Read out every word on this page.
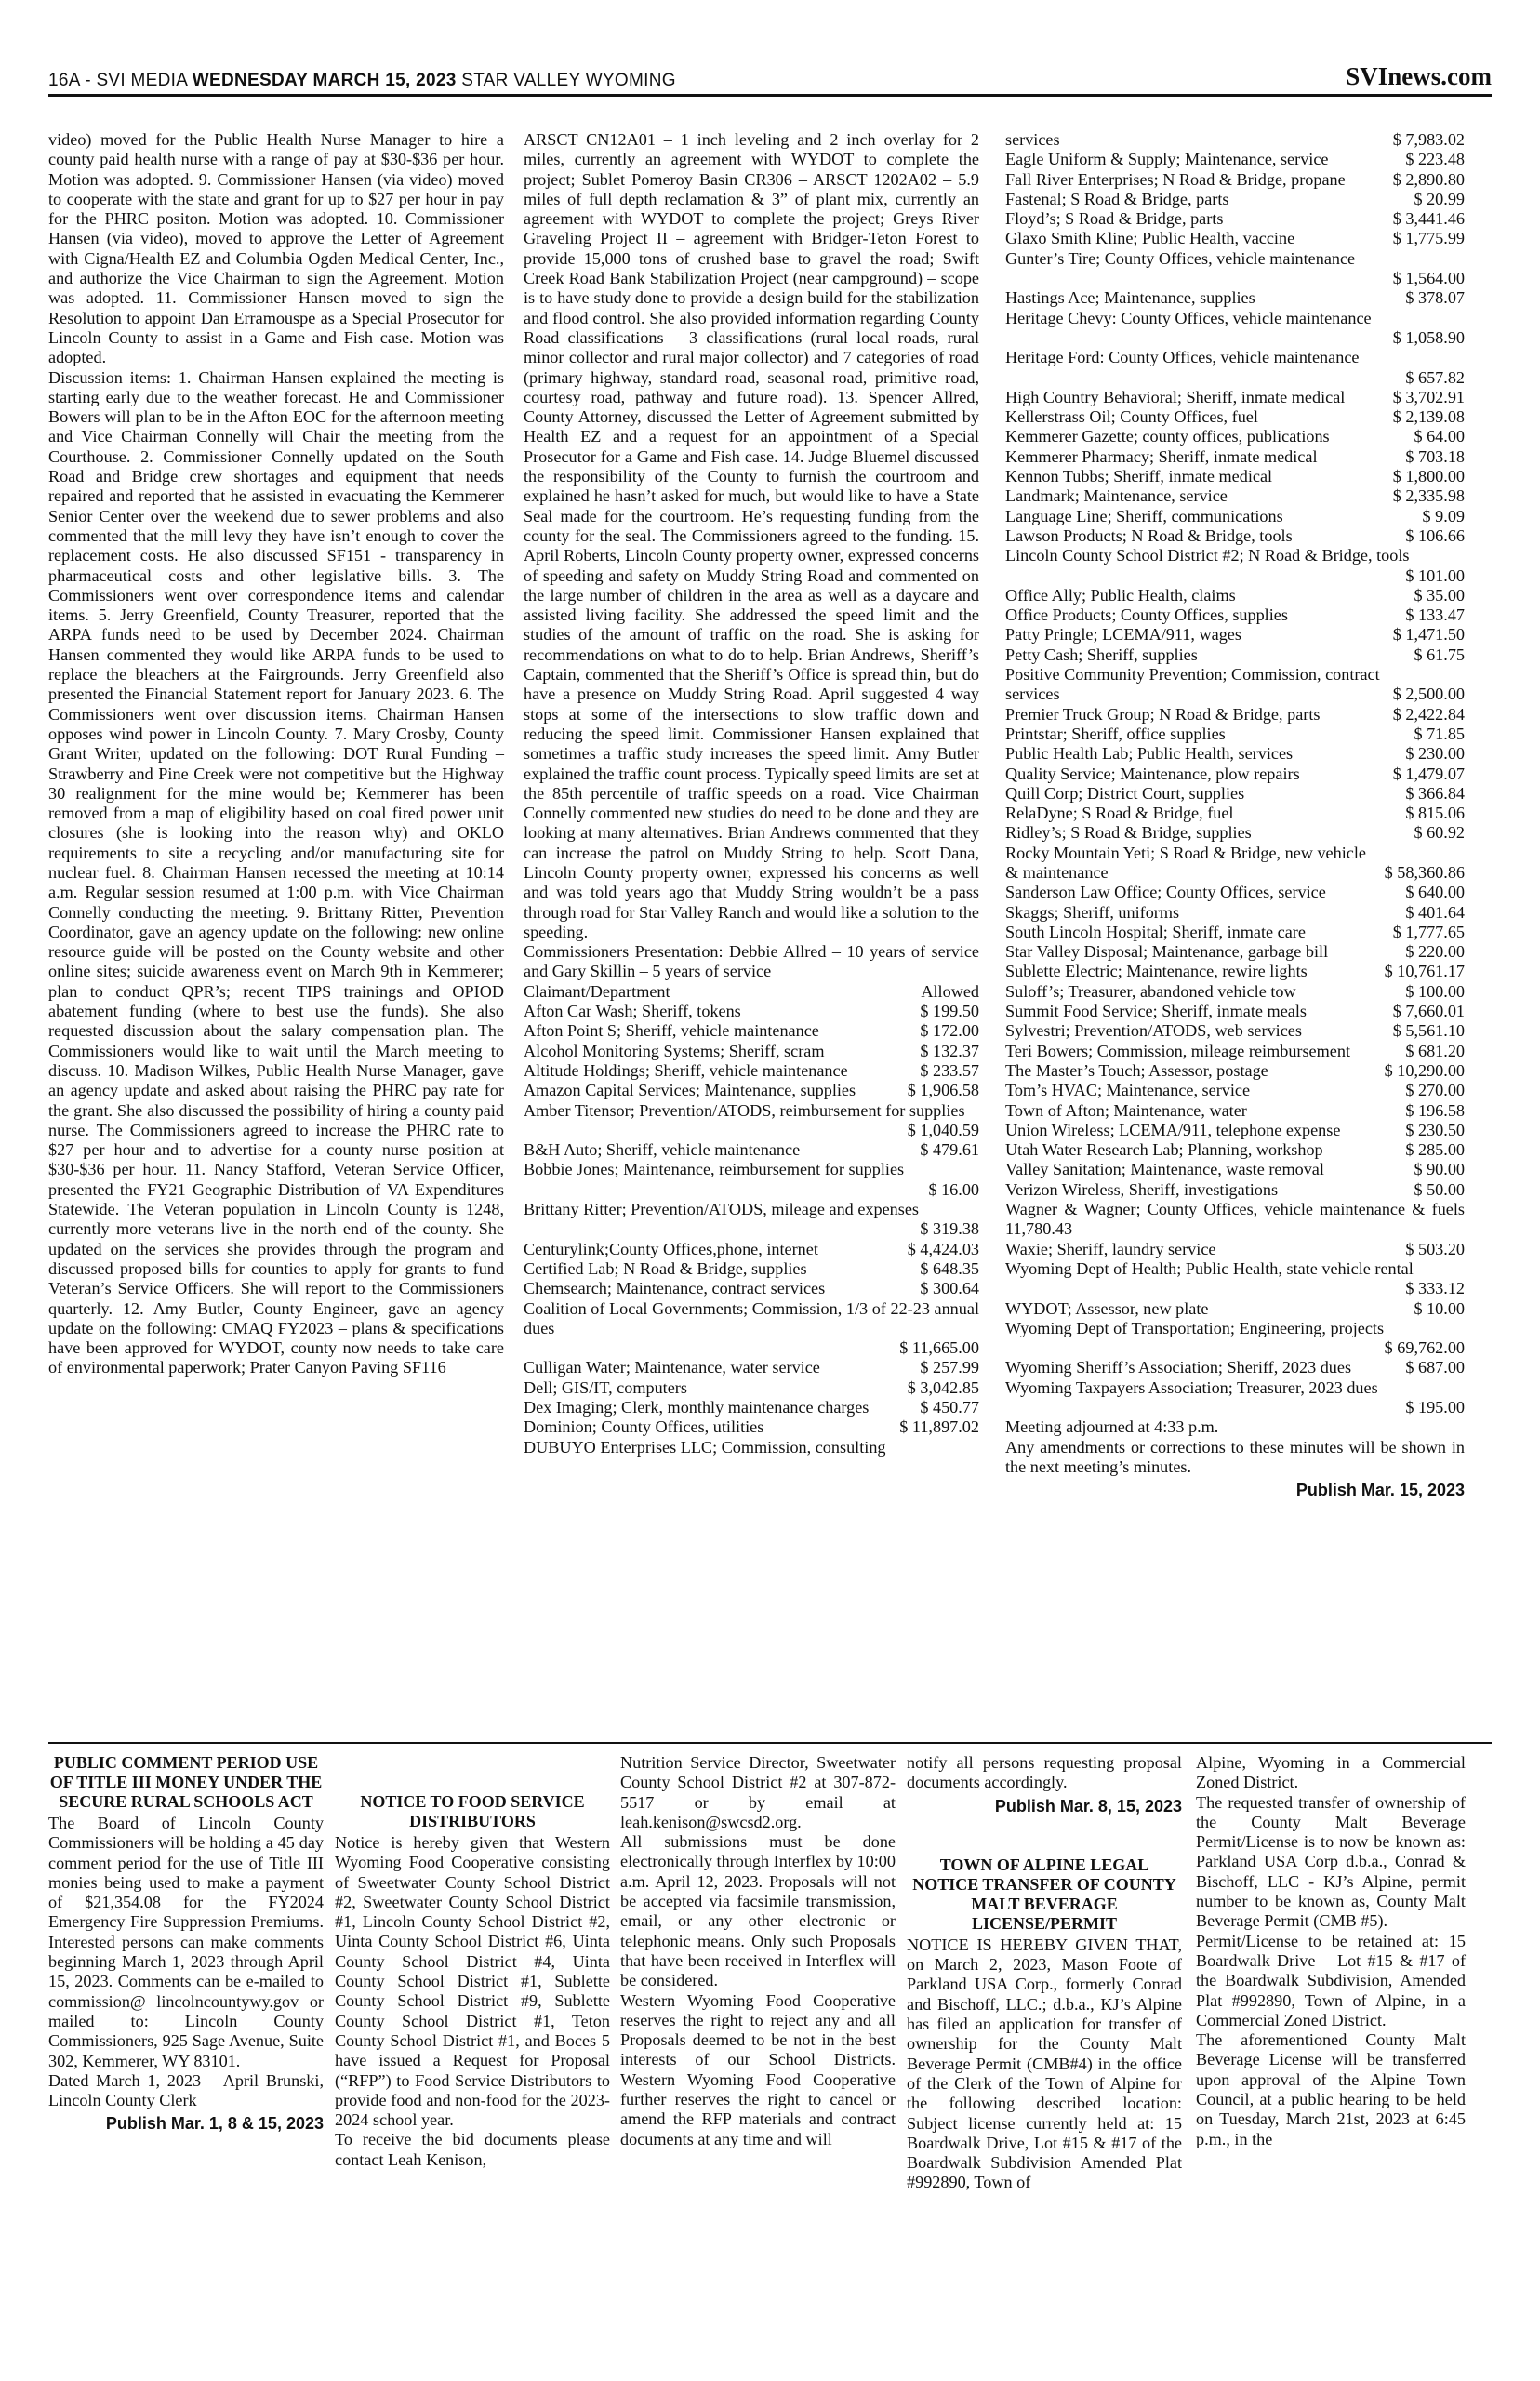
16A - SVI MEDIA WEDNESDAY MARCH 15, 2023 STAR VALLEY WYOMING	SVInews.com

video) moved for the Public Health Nurse Manager to hire a county paid health nurse with a range of pay at $30-$36 per hour. Motion was adopted. 9. Commissioner Hansen (via video) moved to cooperate with the state and grant for up to $27 per hour in pay for the PHRC positon. Motion was adopted. 10. Commissioner Hansen (via video), moved to approve the Letter of Agreement with Cigna/Health EZ and Columbia Ogden Medical Center, Inc., and authorize the Vice Chairman to sign the Agreement. Motion was adopted. 11. Commissioner Hansen moved to sign the Resolution to appoint Dan Erramouspe as a Special Prosecutor for Lincoln County to assist in a Game and Fish case. Motion was adopted.

Discussion items: 1. Chairman Hansen explained the meeting is starting early due to the weather forecast. He and Commissioner Bowers will plan to be in the Afton EOC for the afternoon meeting and Vice Chairman Connelly will Chair the meeting from the Courthouse. 2. Commissioner Connelly updated on the South Road and Bridge crew shortages and equipment that needs repaired and reported that he assisted in evacuating the Kemmerer Senior Center over the weekend due to sewer problems and also commented that the mill levy they have isn’t enough to cover the replacement costs. He also discussed SF151 - transparency in pharmaceutical costs and other legislative bills. 3. The Commissioners went over correspondence items and calendar items. 5. Jerry Greenfield, County Treasurer, reported that the ARPA funds need to be used by December 2024. Chairman Hansen commented they would like ARPA funds to be used to replace the bleachers at the Fairgrounds. Jerry Greenfield also presented the Financial Statement report for January 2023. 6. The Commissioners went over discussion items. Chairman Hansen opposes wind power in Lincoln County. 7. Mary Crosby, County Grant Writer, updated on the following: DOT Rural Funding – Strawberry and Pine Creek were not competitive but the Highway 30 realignment for the mine would be; Kemmerer has been removed from a map of eligibility based on coal fired power unit closures (she is looking into the reason why) and OKLO requirements to site a recycling and/or manufacturing site for nuclear fuel. 8. Chairman Hansen recessed the meeting at 10:14 a.m. Regular session resumed at 1:00 p.m. with Vice Chairman Connelly conducting the meeting. 9. Brittany Ritter, Prevention Coordinator, gave an agency update on the following: new online resource guide will be posted on the County website and other online sites; suicide awareness event on March 9th in Kemmerer; plan to conduct QPR’s; recent TIPS trainings and OPIOD abatement funding (where to best use the funds). She also requested discussion about the salary compensation plan. The Commissioners would like to wait until the March meeting to discuss. 10. Madison Wilkes, Public Health Nurse Manager, gave an agency update and asked about raising the PHRC pay rate for the grant. She also discussed the possibility of hiring a county paid nurse. The Commissioners agreed to increase the PHRC rate to $27 per hour and to advertise for a county nurse position at $30-$36 per hour. 11. Nancy Stafford, Veteran Service Officer, presented the FY21 Geographic Distribution of VA Expenditures Statewide. The Veteran population in Lincoln County is 1248, currently more veterans live in the north end of the county. She updated on the services she provides through the program and discussed proposed bills for counties to apply for grants to fund Veteran’s Service Officers. She will report to the Commissioners quarterly. 12. Amy Butler, County Engineer, gave an agency update on the following: CMAQ FY2023 – plans & specifications have been approved for WYDOT, county now needs to take care of environmental paperwork; Prater Canyon Paving SF116

ARSCT CN12A01 – 1 inch leveling and 2 inch overlay for 2 miles, currently an agreement with WYDOT to complete the project; Sublet Pomeroy Basin CR306 – ARSCT 1202A02 – 5.9 miles of full depth reclamation & 3” of plant mix, currently an agreement with WYDOT to complete the project; Greys River Graveling Project II – agreement with Bridger-Teton Forest to provide 15,000 tons of crushed base to gravel the road; Swift Creek Road Bank Stabilization Project (near campground) – scope is to have study done to provide a design build for the stabilization and flood control. She also provided information regarding County Road classifications – 3 classifications (rural local roads, rural minor collector and rural major collector) and 7 categories of road (primary highway, standard road, seasonal road, primitive road, courtesy road, pathway and future road). 13. Spencer Allred, County Attorney, discussed the Letter of Agreement submitted by Health EZ and a request for an appointment of a Special Prosecutor for a Game and Fish case. 14. Judge Bluemel discussed the responsibility of the County to furnish the courtroom and explained he hasn’t asked for much, but would like to have a State Seal made for the courtroom. He’s requesting funding from the county for the seal. The Commissioners agreed to the funding. 15. April Roberts, Lincoln County property owner, expressed concerns of speeding and safety on Muddy String Road and commented on the large number of children in the area as well as a daycare and assisted living facility. She addressed the speed limit and the studies of the amount of traffic on the road. She is asking for recommendations on what to do to help. Brian Andrews, Sheriff’s Captain, commented that the Sheriff’s Office is spread thin, but do have a presence on Muddy String Road. April suggested 4 way stops at some of the intersections to slow traffic down and reducing the speed limit. Commissioner Hansen explained that sometimes a traffic study increases the speed limit. Amy Butler explained the traffic count process. Typically speed limits are set at the 85th percentile of traffic speeds on a road. Vice Chairman Connelly commented new studies do need to be done and they are looking at many alternatives. Brian Andrews commented that they can increase the patrol on Muddy String to help. Scott Dana, Lincoln County property owner, expressed his concerns as well and was told years ago that Muddy String wouldn’t be a pass through road for Star Valley Ranch and would like a solution to the speeding.

Commissioners Presentation: Debbie Allred – 10 years of service and Gary Skillin – 5 years of service

Claimant/Department	Allowed
Afton Car Wash; Sheriff, tokens	$ 199.50
Afton Point S; Sheriff, vehicle maintenance	$ 172.00
Alcohol Monitoring Systems; Sheriff, scram	$ 132.37
Altitude Holdings; Sheriff, vehicle maintenance	$ 233.57
Amazon Capital Services; Maintenance, supplies	$ 1,906.58
Amber Titensor; Prevention/ATODS, reimbursement for supplies
$ 1,040.59
B&H Auto; Sheriff, vehicle maintenance	$ 479.61
Bobbie Jones; Maintenance, reimbursement for supplies
$ 16.00
Brittany Ritter; Prevention/ATODS, mileage and expenses
$ 319.38
Centurylink;County Offices,phone, internet	$ 4,424.03
Certified Lab; N Road & Bridge, supplies	$ 648.35
Chemsearch; Maintenance, contract services	$ 300.64
Coalition of Local Governments; Commission, 1/3 of 22-23 annual dues
$ 11,665.00
Culligan Water; Maintenance, water service	$ 257.99
Dell; GIS/IT, computers	$ 3,042.85
Dex Imaging; Clerk, monthly maintenance charges	$ 450.77
Dominion; County Offices, utilities	$ 11,897.02
DUBUYO Enterprises LLC; Commission, consulting
services	$ 7,983.02
Eagle Uniform & Supply; Maintenance, service	$ 223.48
Fall River Enterprises; N Road & Bridge, propane	$ 2,890.80
Fastenal; S Road & Bridge, parts	$ 20.99
Floyd’s; S Road & Bridge, parts	$ 3,441.46
Glaxo Smith Kline; Public Health, vaccine	$ 1,775.99
Gunter’s Tire; County Offices, vehicle maintenance
$ 1,564.00
Hastings Ace; Maintenance, supplies	$ 378.07
Heritage Chevy: County Offices, vehicle maintenance
$ 1,058.90
Heritage Ford: County Offices, vehicle maintenance
$ 657.82
High Country Behavioral; Sheriff, inmate medical	$ 3,702.91
Kellerstrass Oil; County Offices, fuel	$ 2,139.08
Kemmerer Gazette; county offices, publications	$ 64.00
Kemmerer Pharmacy; Sheriff, inmate medical	$ 703.18
Kennon Tubbs; Sheriff, inmate medical	$ 1,800.00
Landmark; Maintenance, service	$ 2,335.98
Language Line; Sheriff, communications	$ 9.09
Lawson Products; N Road & Bridge, tools	$ 106.66
Lincoln County School District #2; N Road & Bridge, tools
$ 101.00
Office Ally; Public Health, claims	$ 35.00
Office Products; County Offices, supplies	$ 133.47
Patty Pringle; LCEMA/911, wages	$ 1,471.50
Petty Cash; Sheriff, supplies	$ 61.75
Positive Community Prevention; Commission, contract services	$ 2,500.00
Premier Truck Group; N Road & Bridge, parts	$ 2,422.84
Printstar; Sheriff, office supplies	$ 71.85
Public Health Lab; Public Health, services	$ 230.00
Quality Service; Maintenance, plow repairs	$ 1,479.07
Quill Corp; District Court, supplies	$ 366.84
RelaDyne; S Road & Bridge, fuel	$ 815.06
Ridley’s; S Road & Bridge, supplies	$ 60.92
Rocky Mountain Yeti; S Road & Bridge, new vehicle & maintenance	$ 58,360.86
Sanderson Law Office; County Offices, service	$ 640.00
Skaggs; Sheriff, uniforms	$ 401.64
South Lincoln Hospital; Sheriff, inmate care	$ 1,777.65
Star Valley Disposal; Maintenance, garbage bill	$ 220.00
Sublette Electric; Maintenance, rewire lights	$ 10,761.17
Suloff’s; Treasurer, abandoned vehicle tow	$ 100.00
Summit Food Service; Sheriff, inmate meals	$ 7,660.01
Sylvestri; Prevention/ATODS, web services	$ 5,561.10
Teri Bowers; Commission, mileage reimbursement	$ 681.20
The Master’s Touch; Assessor, postage	$ 10,290.00
Tom’s HVAC; Maintenance, service	$ 270.00
Town of Afton; Maintenance, water	$ 196.58
Union Wireless; LCEMA/911, telephone expense	$ 230.50
Utah Water Research Lab; Planning, workshop	$ 285.00
Valley Sanitation; Maintenance, waste removal	$ 90.00
Verizon Wireless, Sheriff, investigations	$ 50.00
Wagner & Wagner; County Offices, vehicle maintenance & fuels 11,780.43
Waxie; Sheriff, laundry service	$ 503.20
Wyoming Dept of Health; Public Health, state vehicle rental
$ 333.12
WYDOT; Assessor, new plate	$ 10.00
Wyoming Dept of Transportation; Engineering, projects
$ 69,762.00
Wyoming Sheriff’s Association; Sheriff, 2023 dues	$ 687.00
Wyoming Taxpayers Association; Treasurer, 2023 dues
$ 195.00

Meeting adjourned at 4:33 p.m.

Any amendments or corrections to these minutes will be shown in the next meeting’s minutes.

Publish Mar. 15, 2023
PUBLIC COMMENT PERIOD USE OF TITLE III MONEY UNDER THE SECURE RURAL SCHOOLS ACT

The Board of Lincoln County Commissioners will be holding a 45 day comment period for the use of Title III monies being used to make a payment of $21,354.08 for the FY2024 Emergency Fire Suppression Premiums. Interested persons can make comments beginning March 1, 2023 through April 15, 2023. Comments can be e-mailed to commission@ lincolncountywy.gov or mailed to: Lincoln County Commissioners, 925 Sage Avenue, Suite 302, Kemmerer, WY 83101.

Dated March 1, 2023 – April Brunski, Lincoln County Clerk

Publish Mar. 1, 8 & 15, 2023
NOTICE TO FOOD SERVICE DISTRIBUTORS

Notice is hereby given that Western Wyoming Food Cooperative consisting of Sweetwater County School District #2, Sweetwater County School District #1, Lincoln County School District #2, Uinta County School District #6, Uinta County School District #4, Uinta County School District #1, Sublette County School District #9, Sublette County School District #1, Teton County School District #1, and Boces 5 have issued a Request for Proposal (“RFP”) to Food Service Distributors to provide food and non-food for the 2023-2024 school year.

To receive the bid documents please contact Leah Kenison,

Nutrition Service Director, Sweetwater County School District #2 at 307-872-5517 or by email at leah.kenison@swcsd2.org.

All submissions must be done electronically through Interflex by 10:00 a.m. April 12, 2023. Proposals will not be accepted via facsimile transmission, email, or any other electronic or telephonic means. Only such Proposals that have been received in Interflex will be considered.

Western Wyoming Food Cooperative reserves the right to reject any and all Proposals deemed to be not in the best interests of our School Districts. Western Wyoming Food Cooperative further reserves the right to cancel or amend the RFP materials and contract documents at any time and will

notify all persons requesting proposal documents accordingly.

Publish Mar. 8, 15, 2023
TOWN OF ALPINE LEGAL NOTICE TRANSFER OF COUNTY MALT BEVERAGE LICENSE/PERMIT

NOTICE IS HEREBY GIVEN THAT, on March 2, 2023, Mason Foote of Parkland USA Corp., formerly Conrad and Bischoff, LLC.; d.b.a., KJ’s Alpine has filed an application for transfer of ownership for the County Malt Beverage Permit (CMB#4) in the office of the Clerk of the Town of Alpine for the following described location: Subject license currently held at: 15 Boardwalk Drive, Lot #15 & #17 of the Boardwalk Subdivision Amended Plat #992890, Town of

Alpine, Wyoming in a Commercial Zoned District.

The requested transfer of ownership of the County Malt Beverage Permit/License is to now be known as: Parkland USA Corp d.b.a., Conrad & Bischoff, LLC - KJ’s Alpine, permit number to be known as, County Malt Beverage Permit (CMB #5).

Permit/License to be retained at: 15 Boardwalk Drive – Lot #15 & #17 of the Boardwalk Subdivision, Amended Plat #992890, Town of Alpine, in a Commercial Zoned District.

The aforementioned County Malt Beverage License will be transferred upon approval of the Alpine Town Council, at a public hearing to be held on Tuesday, March 21st, 2023 at 6:45 p.m., in the
